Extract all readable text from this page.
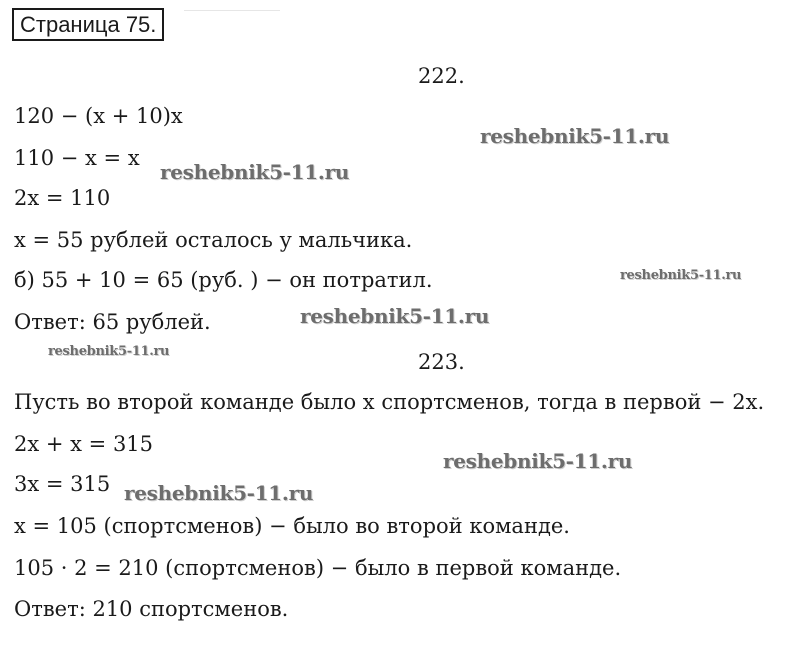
Страница 75.
222.
120 − (x + 10)x
110 − x = x
2x = 110
x = 55 рублей осталось у мальчика.
б) 55 + 10 = 65 (руб. ) − он потратил.
Ответ: 65 рублей.
223.
Пусть во второй команде было x спортсменов, тогда в первой − 2x.
2x + x = 315
3x = 315
x = 105 (спортсменов) − было во второй команде.
105 · 2 = 210 (спортсменов) − было в первой команде.
Ответ: 210 спортсменов.
reshebnik5-11.ru
reshebnik5-11.ru
reshebnik5-11.ru
reshebnik5-11.ru
reshebnik5-11.ru
reshebnik5-11.ru
reshebnik5-11.ru
